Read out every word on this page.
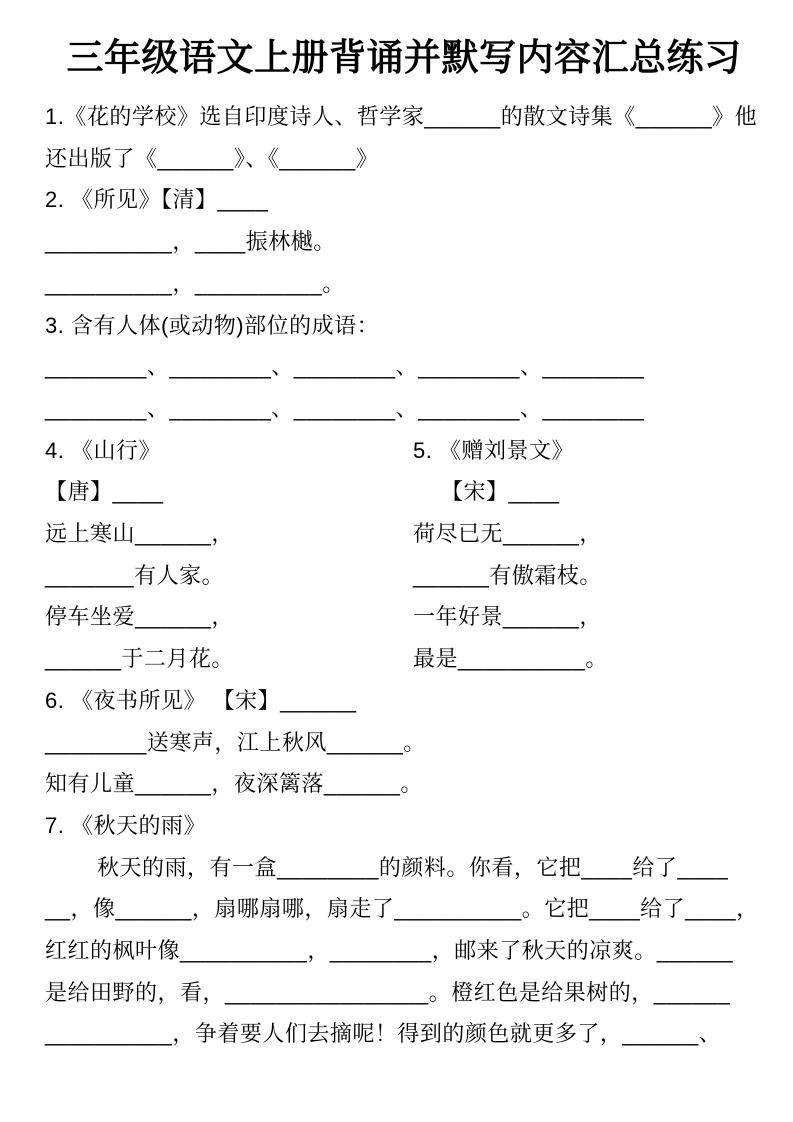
三年级语文上册背诵并默写内容汇总练习

1.《花的学校》选自印度诗人、哲学家______的散文诗集《______》他

还出版了《______》、《______》

2. 《所见》【清】____

__________，____振林樾。

__________，__________。

3. 含有人体(或动物)部位的成语：

________、________、________、________、________

________、________、________、________、________

4. 《山行》

【唐】____

远上寒山______，

_______有人家。

停车坐爱______，

______于二月花。

5. 《赠刘景文》

【宋】____

荷尽已无______，

______有傲霜枝。

一年好景______，

最是__________。

6. 《夜书所见》 【宋】______

________送寒声，江上秋风______。

知有儿童______，夜深篱落______。

7. 《秋天的雨》

秋天的雨，有一盒________的颜料。你看，它把____给了____

__，像______，扇哪扇哪，扇走了__________。它把____给了____，

红红的枫叶像__________，________，邮来了秋天的凉爽。______

是给田野的，看，________________。橙红色是给果树的，______

__________，争着要人们去摘呢！得到的颜色就更多了，______、
